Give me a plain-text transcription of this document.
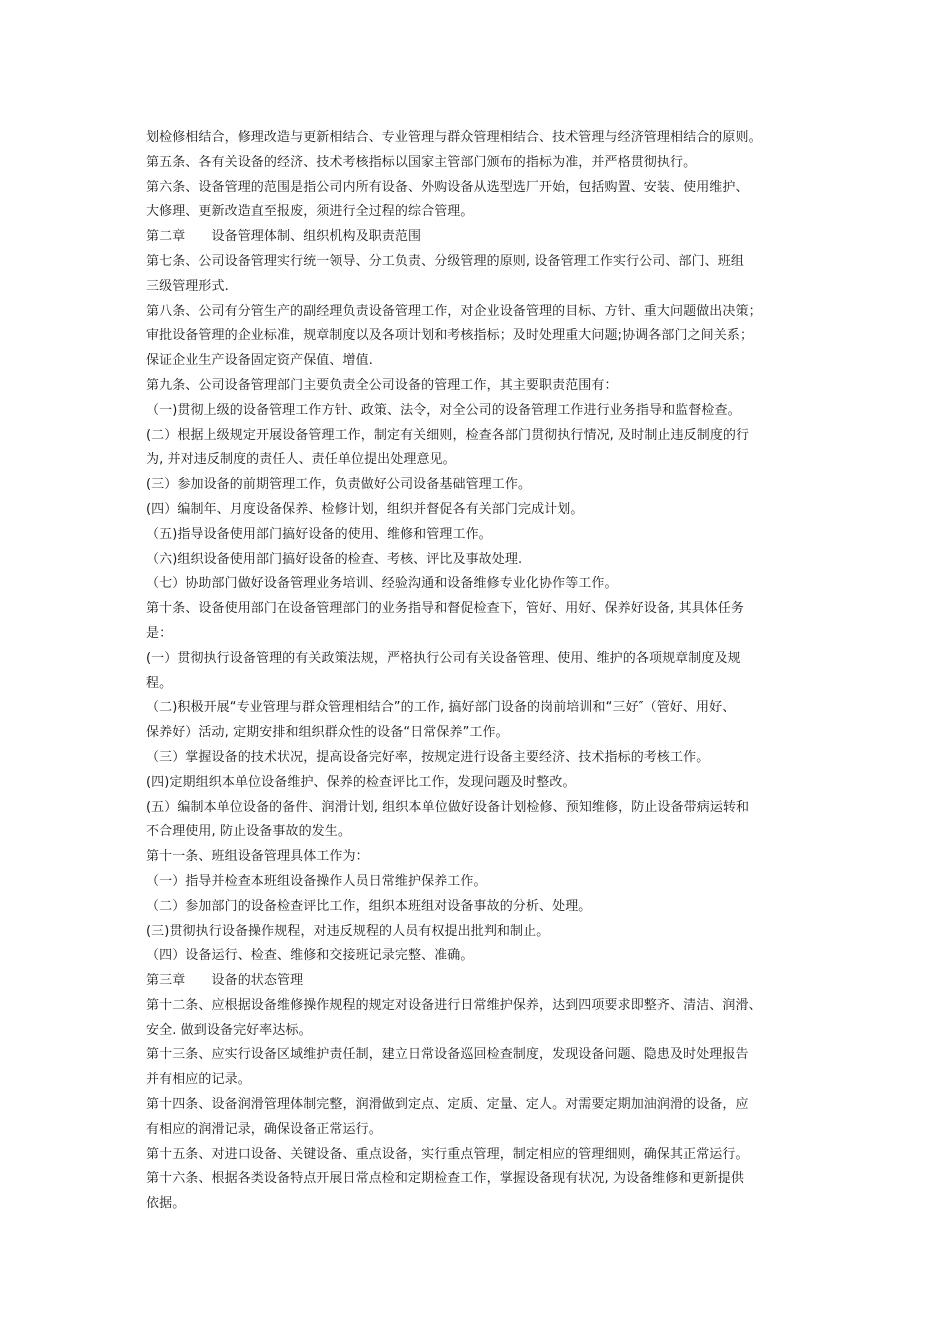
划检修相结合，修理改造与更新相结合、专业管理与群众管理相结合、技术管理与经济管理相结合的原则。
第五条、各有关设备的经济、技术考核指标以国家主管部门颁布的指标为准，并严格贯彻执行。
第六条、设备管理的范围是指公司内所有设备、外购设备从选型选厂开始，包括购置、安装、使用维护、
大修理、更新改造直至报废，须进行全过程的综合管理。
第二章　　设备管理体制、组织机构及职责范围
第七条、公司设备管理实行统一领导、分工负责、分级管理的原则, 设备管理工作实行公司、部门、班组
三级管理形式.
第八条、公司有分管生产的副经理负责设备管理工作，对企业设备管理的目标、方针、重大问题做出决策；
审批设备管理的企业标准，规章制度以及各项计划和考核指标；及时处理重大问题;协调各部门之间关系；
保证企业生产设备固定资产保值、增值.
第九条、公司设备管理部门主要负责全公司设备的管理工作，其主要职责范围有：
（一)贯彻上级的设备管理工作方针、政策、法令，对全公司的设备管理工作进行业务指导和监督检查。
(二）根据上级规定开展设备管理工作，制定有关细则，检查各部门贯彻执行情况, 及时制止违反制度的行
为, 并对违反制度的责任人、责任单位提出处理意见。
(三）参加设备的前期管理工作，负责做好公司设备基础管理工作。
(四）编制年、月度设备保养、检修计划，组织并督促各有关部门完成计划。
（五)指导设备使用部门搞好设备的使用、维修和管理工作。
（六)组织设备使用部门搞好设备的检查、考核、评比及事故处理.
（七）协助部门做好设备管理业务培训、经验沟通和设备维修专业化协作等工作。
第十条、设备使用部门在设备管理部门的业务指导和督促检查下，管好、用好、保养好设备, 其具体任务
是：
(一）贯彻执行设备管理的有关政策法规，严格执行公司有关设备管理、使用、维护的各项规章制度及规
程。
（二)积极开展“专业管理与群众管理相结合”的工作, 搞好部门设备的岗前培训和“三好″（管好、用好、
保养好）活动, 定期安排和组织群众性的设备“日常保养”工作。
（三）掌握设备的技术状况，提高设备完好率，按规定进行设备主要经济、技术指标的考核工作。
(四)定期组织本单位设备维护、保养的检查评比工作，发现问题及时整改。
(五）编制本单位设备的备件、润滑计划, 组织本单位做好设备计划检修、预知维修，防止设备带病运转和
不合理使用, 防止设备事故的发生。
第十一条、班组设备管理具体工作为：
（一）指导并检查本班组设备操作人员日常维护保养工作。
（二）参加部门的设备检查评比工作，组织本班组对设备事故的分析、处理。
(三)贯彻执行设备操作规程，对违反规程的人员有权提出批判和制止。
（四）设备运行、检查、维修和交接班记录完整、准确。
第三章　　设备的状态管理
第十二条、应根据设备维修操作规程的规定对设备进行日常维护保养，达到四项要求即整齐、清洁、润滑、
安全. 做到设备完好率达标。
第十三条、应实行设备区域维护责任制，建立日常设备巡回检查制度，发现设备问题、隐患及时处理报告
并有相应的记录。
第十四条、设备润滑管理体制完整，润滑做到定点、定质、定量、定人。对需要定期加油润滑的设备，应
有相应的润滑记录，确保设备正常运行。
第十五条、对进口设备、关键设备、重点设备，实行重点管理，制定相应的管理细则，确保其正常运行。
第十六条、根据各类设备特点开展日常点检和定期检查工作，掌握设备现有状况, 为设备维修和更新提供
依据。
